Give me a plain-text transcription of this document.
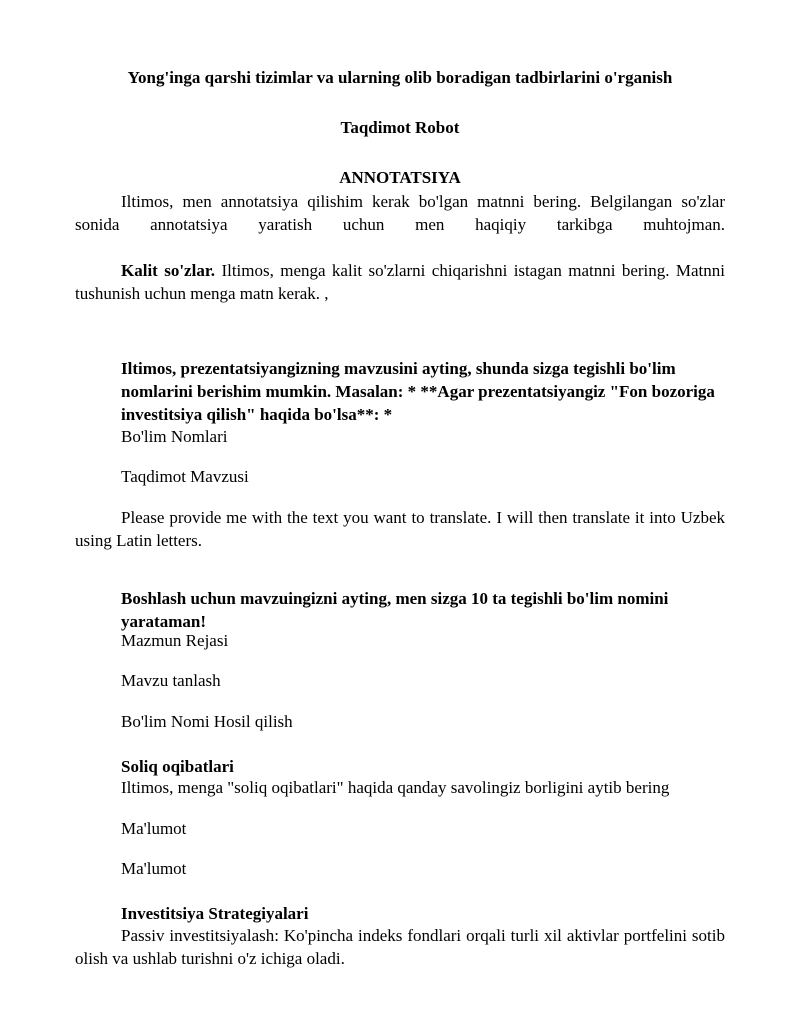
Yong'inga qarshi tizimlar va ularning olib boradigan tadbirlarini o'rganish
Taqdimot Robot
ANNOTATSIYA
Iltimos, men annotatsiya qilishim kerak bo'lgan matnni bering. Belgilangan so'zlar sonida annotatsiya yaratish uchun men haqiqiy tarkibga muhtojman.
Kalit so'zlar. Iltimos, menga kalit so'zlarni chiqarishni istagan matnni bering. Matnni tushunish uchun menga matn kerak. ,
Iltimos, prezentatsiyangizning mavzusini ayting, shunda sizga tegishli bo'lim nomlarini berishim mumkin. Masalan: * **Agar prezentatsiyangiz "Fon bozoriga investitsiya qilish" haqida bo'lsa**: *
Bo'lim Nomlari
Taqdimot Mavzusi
Please provide me with the text you want to translate. I will then translate it into Uzbek using Latin letters.
Boshlash uchun mavzuingizni ayting, men sizga 10 ta tegishli bo'lim nomini yarataman!
Mazmun Rejasi
Mavzu tanlash
Bo'lim Nomi Hosil qilish
Soliq oqibatlari
Iltimos, menga "soliq oqibatlari" haqida qanday savolingiz borligini aytib bering
Ma'lumot
Ma'lumot
Investitsiya Strategiyalari
Passiv investitsiyalash: Ko'pincha indeks fondlari orqali turli xil aktivlar portfelini sotib olish va ushlab turishni o'z ichiga oladi.
